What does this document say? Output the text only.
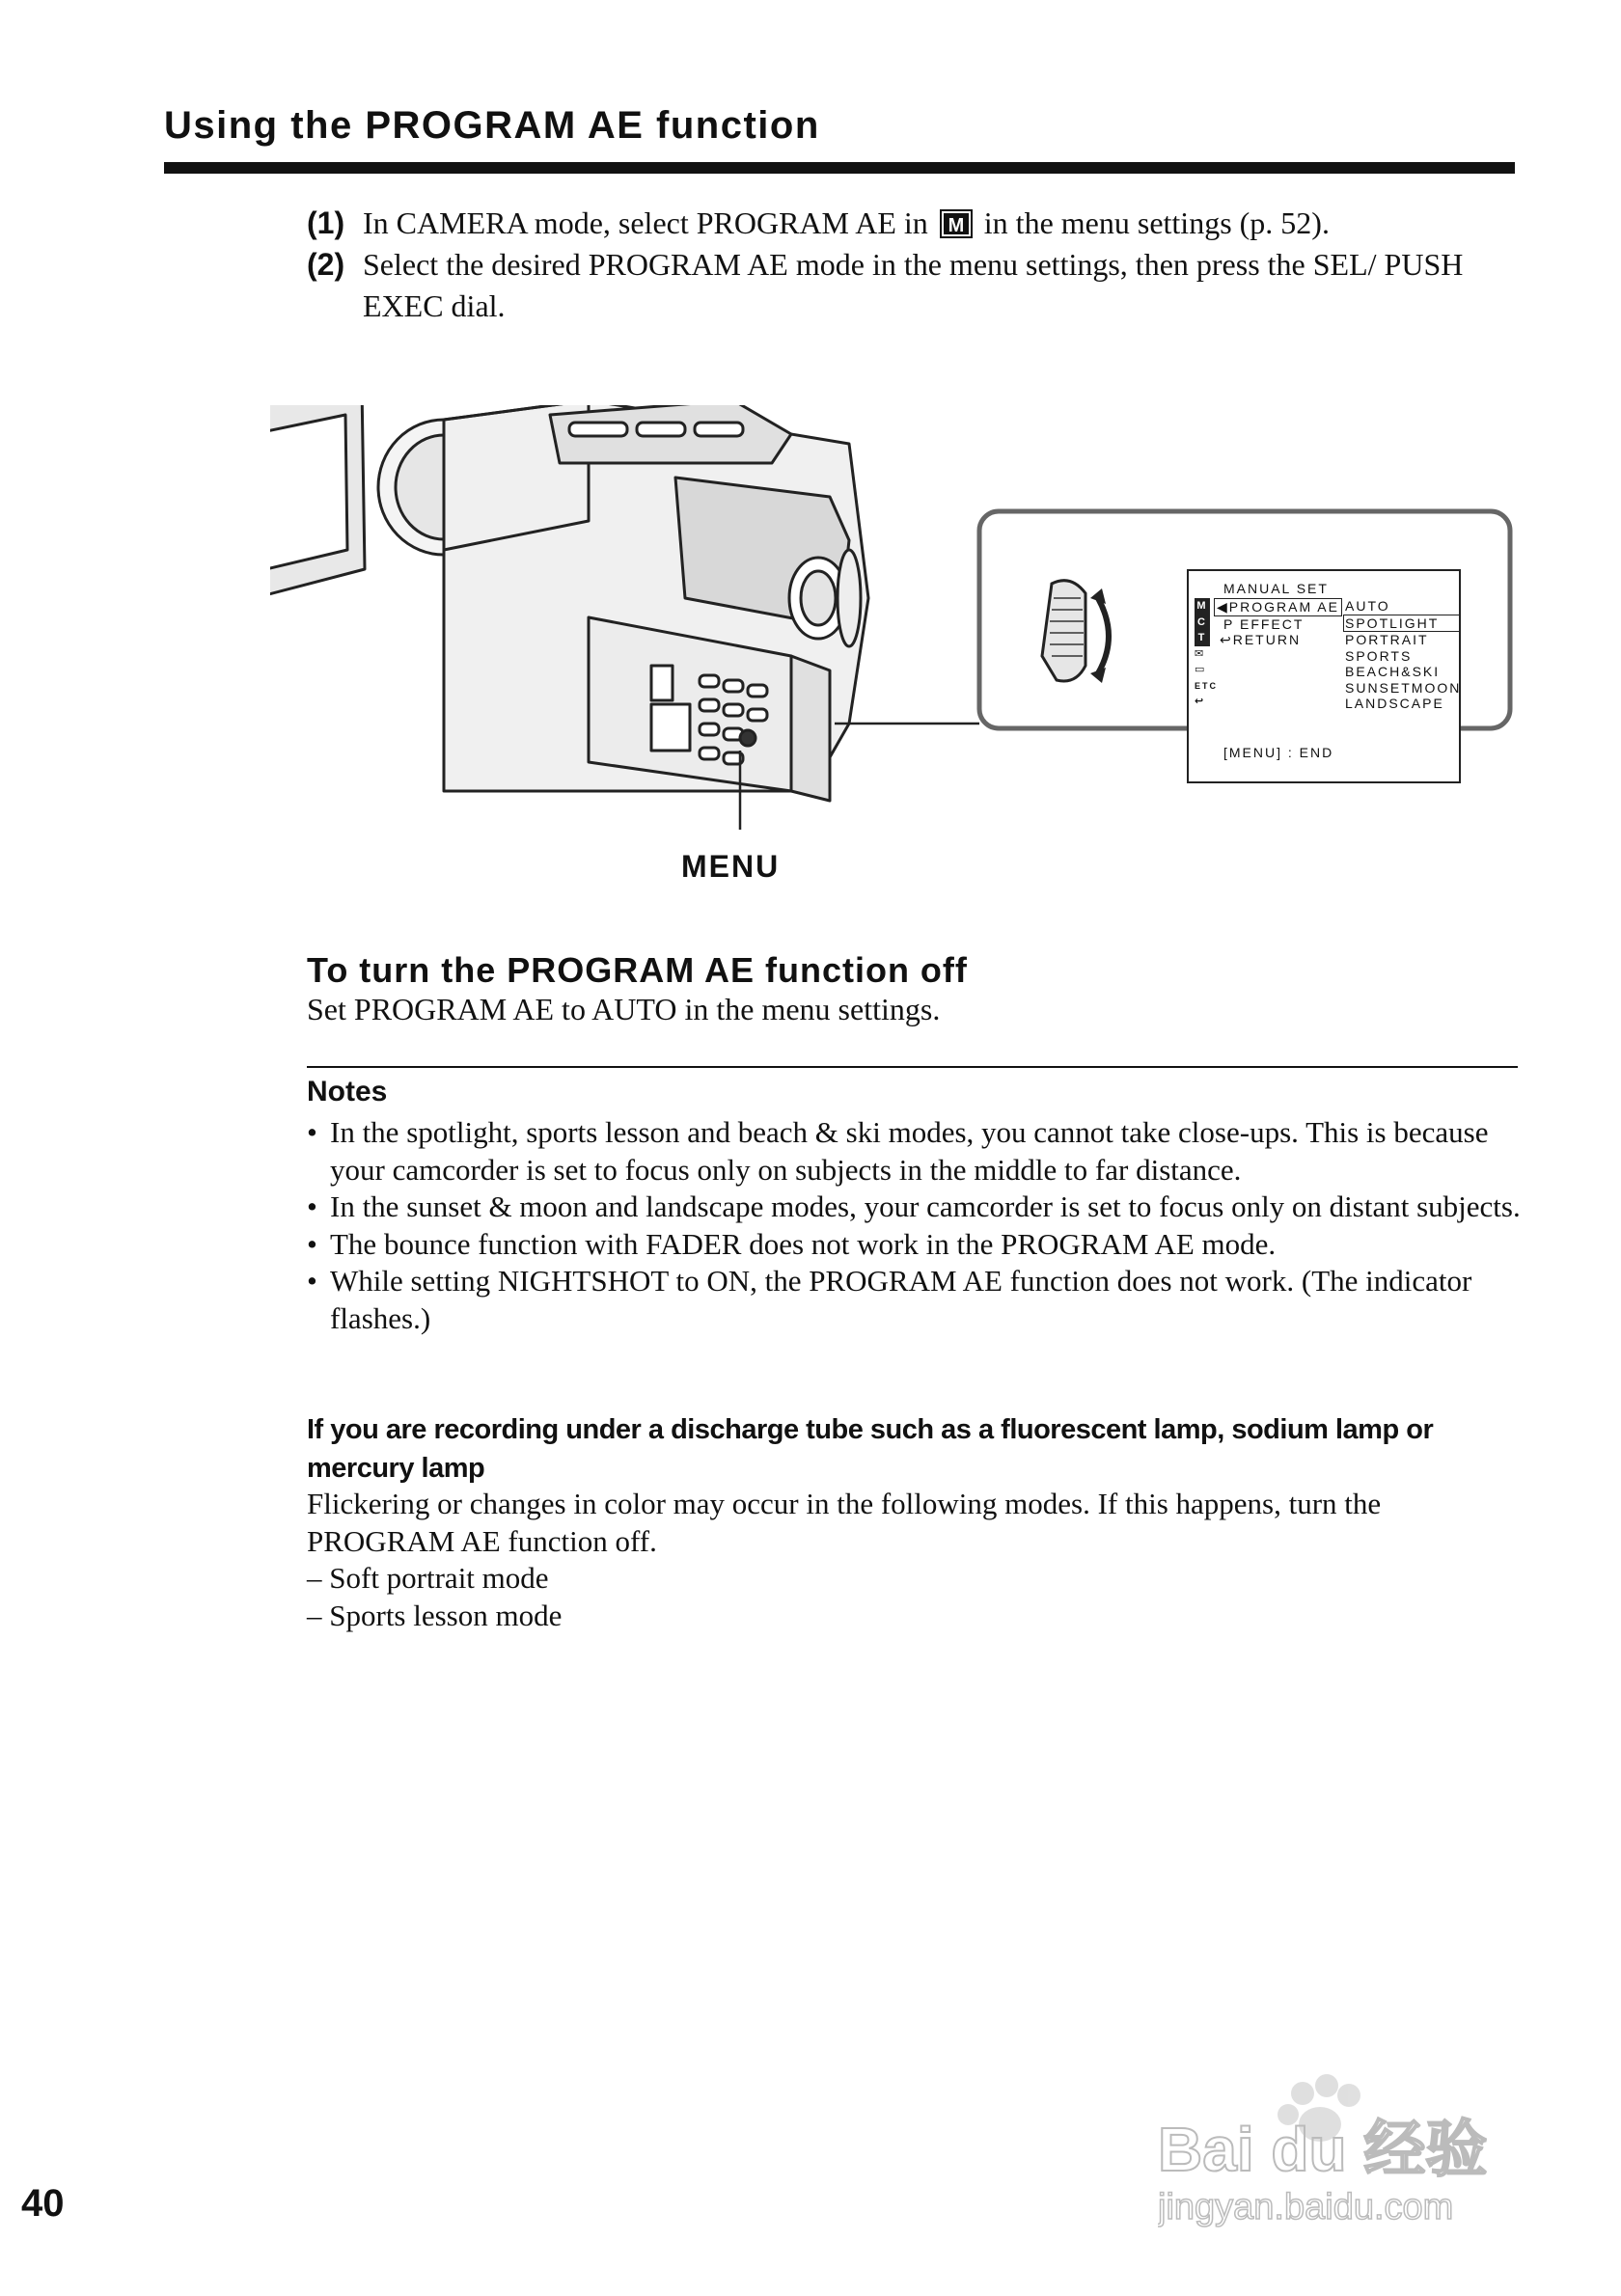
Using the PROGRAM AE function
(1) In CAMERA mode, select PROGRAM AE in M in the menu settings (p. 52).
(2) Select the desired PROGRAM AE mode in the menu settings, then press the SEL/ PUSH EXEC dial.
MANUAL SET
M
C
T
✉
▭
ETC
↩
◀PROGRAM AE
P EFFECT
↩RETURN
AUTO
SPOTLIGHT
PORTRAIT
SPORTS
BEACH&SKI
SUNSETMOON
LANDSCAPE
[MENU] : END
MENU
To turn the PROGRAM AE function off
Set PROGRAM AE to AUTO in the menu settings.
Notes
• In the spotlight, sports lesson and beach & ski modes, you cannot take close-ups. This is because your camcorder is set to focus only on subjects in the middle to far distance.
• In the sunset & moon and landscape modes, your camcorder is set to focus only on distant subjects.
• The bounce function with FADER does not work in the PROGRAM AE mode.
• While setting NIGHTSHOT to ON, the PROGRAM AE function does not work. (The indicator flashes.)
If you are recording under a discharge tube such as a fluorescent lamp, sodium lamp or mercury lamp
Flickering or changes in color may occur in the following modes. If this happens, turn the PROGRAM AE function off.
– Soft portrait mode
– Sports lesson mode
Bai du 经验
jingyan.baidu.com
40
